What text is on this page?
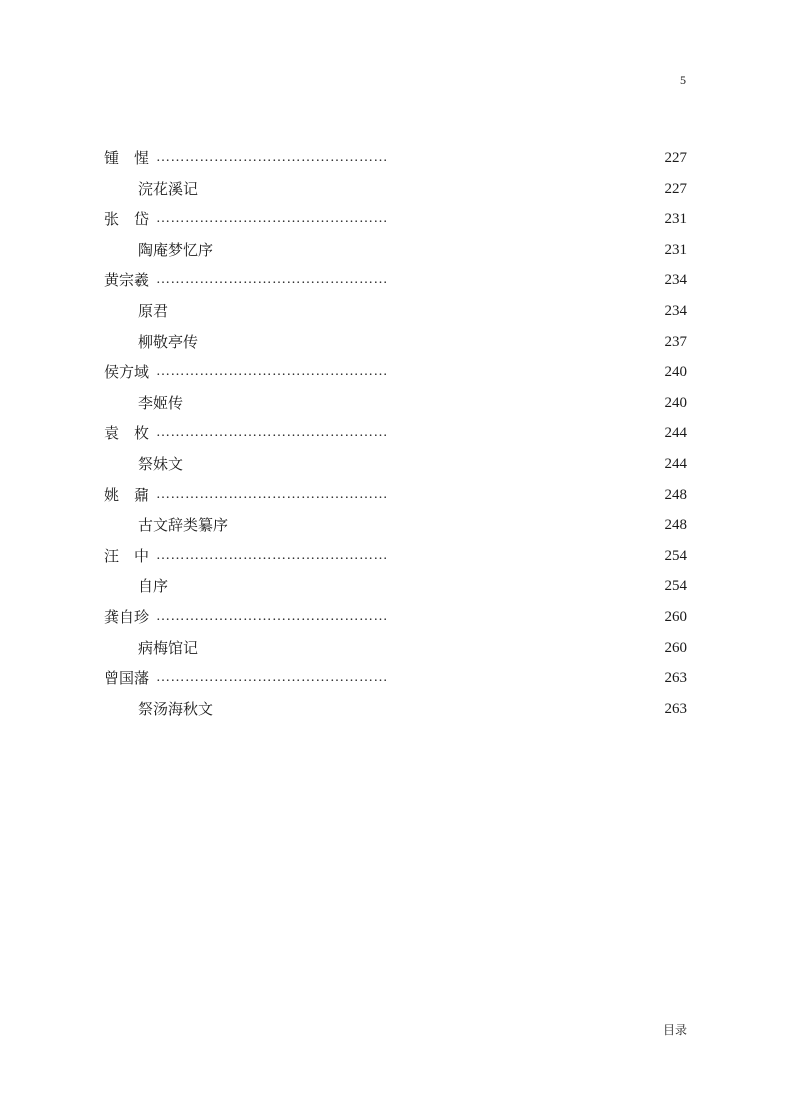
5
锺　惺 …………………………………………	227
浣花溪记	227
张　岱 …………………………………………	231
陶庵梦忆序	231
黄宗羲 …………………………………………	234
原君	234
柳敬亭传	237
侯方域 …………………………………………	240
李姬传	240
袁　枚 …………………………………………	244
祭妹文	244
姚　鼐 …………………………………………	248
古文辞类纂序	248
汪　中 …………………………………………	254
自序	254
龚自珍 …………………………………………	260
病梅馆记	260
曾国藩 …………………………………………	263
祭汤海秋文	263
目录
